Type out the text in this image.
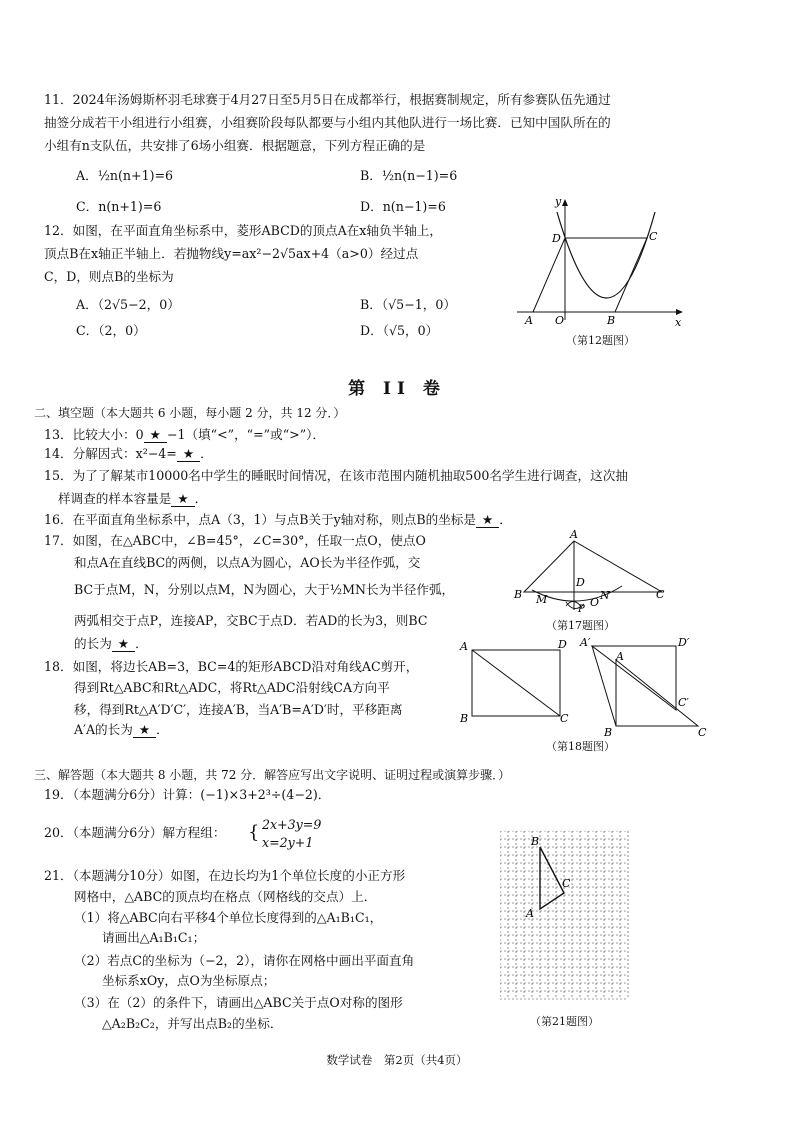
11．2024年汤姆斯杯羽毛球赛于4月27日至5月5日在成都举行，根据赛制规定，所有参赛队伍先通过
抽签分成若干小组进行小组赛，小组赛阶段每队都要与小组内其他队进行一场比赛．已知中国队所在的
小组有n支队伍，共安排了6场小组赛．根据题意，下列方程正确的是
A．½n(n+1)=6	B．½n(n−1)=6
C．n(n+1)=6	D．n(n−1)=6
12．如图，在平面直角坐标系中，菱形ABCD的顶点A在x轴负半轴上，
顶点B在x轴正半轴上．若抛物线y=ax²−2√5ax+4（a>0）经过点
C，D，则点B的坐标为
A．（2√5−2，0）	B．（√5−1，0）
C．（2，0）	D．（√5，0）
y
x
D	C
A O	B
（第12题图）
第 II 卷
二、填空题（本大题共 6 小题，每小题 2 分，共 12 分．）
13．比较大小：0 ★ −1（填“<”，“=”或“>”）．
14．分解因式：x²−4= ★ ．
15．为了了解某市10000名中学生的睡眠时间情况，在该市范围内随机抽取500名学生进行调查，这次抽
样调查的样本容量是 ★ ．
16．在平面直角坐标系中，点A（3，1）与点B关于y轴对称，则点B的坐标是 ★ ．
17．如图，在△ABC中，∠B=45°，∠C=30°，任取一点O，使点O
和点A在直线BC的两侧，以点A为圆心，AO长为半径作弧，交
BC于点M，N，分别以点M，N为圆心，大于½MN长为半径作弧，
两弧相交于点P，连接AP，交BC于点D．若AD的长为3，则BC
的长为 ★ ．
A
B M
D
P
O
N	C
（第17题图）
18．如图，将边长AB=3，BC=4的矩形ABCD沿对角线AC剪开，
得到Rt△ABC和Rt△ADC，将Rt△ADC沿射线CA方向平
移，得到Rt△A′D′C′，连接A′B，当A′B=A′D′时，平移距离
A′A的长为 ★ ．
A	D
B	C
A′	D′
C′
A
B	C
（第18题图）
三、解答题（本大题共 8 小题，共 72 分．解答应写出文字说明、证明过程或演算步骤．）
19．（本题满分6分）计算：(−1)×3+2³÷(4−2)．
20．（本题满分6分）解方程组： { 2x+3y=9
x=2y+1
21．（本题满分10分）如图，在边长均为1个单位长度的小正方形
网格中，△ABC的顶点均在格点（网格线的交点）上．
（1）将△ABC向右平移4个单位长度得到的△A₁B₁C₁，
请画出△A₁B₁C₁；
（2）若点C的坐标为（−2，2），请你在网格中画出平面直角
坐标系xOy，点O为坐标原点；
（3）在（2）的条件下，请画出△ABC关于点O对称的图形
△A₂B₂C₂，并写出点B₂的坐标．
B
C
A
（第21题图）
数学试卷　第2页（共4页）
